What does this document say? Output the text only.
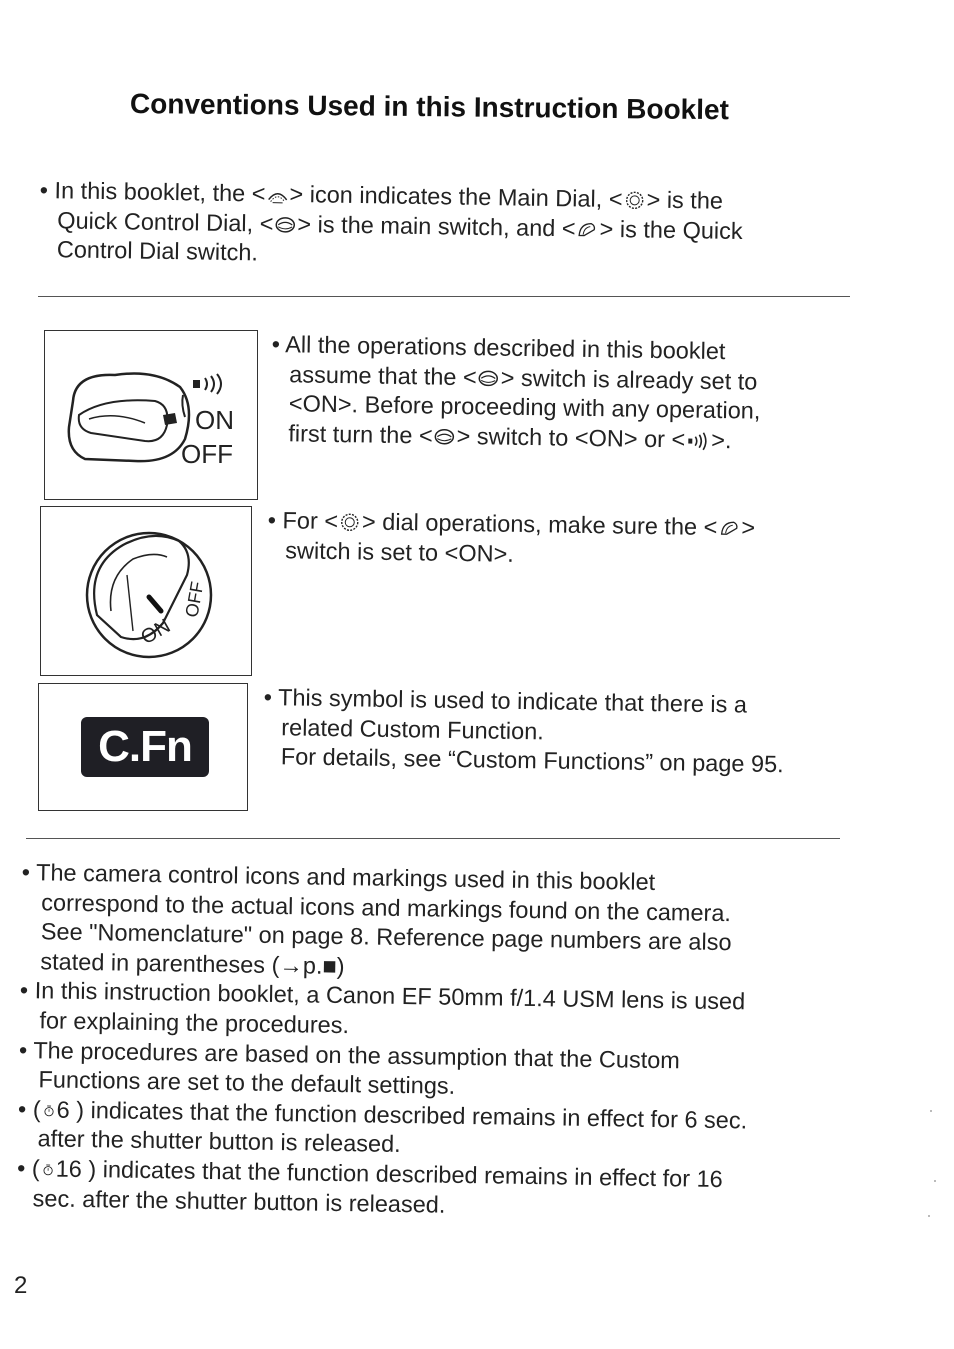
Conventions Used in this Instruction Booklet
• In this booklet, the < > icon indicates the Main Dial, < > is the
Quick Control Dial, < > is the main switch, and < > is the Quick
Control Dial switch.
ON
OFF
• All the operations described in this booklet
assume that the < > switch is already set to
<ON>. Before proceeding with any operation,
first turn the < > switch to <ON> or < >.
ON
OFF
• For < > dial operations, make sure the < >
switch is set to <ON>.
C.Fn
• This symbol is used to indicate that there is a
related Custom Function.
For details, see “Custom Functions” on page 95.
• The camera control icons and markings used in this booklet
correspond to the actual icons and markings found on the camera.
See "Nomenclature" on page 8. Reference page numbers are also
stated in parentheses (→p.■)
• In this instruction booklet, a Canon EF 50mm f/1.4 USM lens is used
for explaining the procedures.
• The procedures are based on the assumption that the Custom
Functions are set to the default settings.
• ( 6 ) indicates that the function described remains in effect for 6 sec.
after the shutter button is released.
• ( 16 ) indicates that the function described remains in effect for 16
sec. after the shutter button is released.
2
